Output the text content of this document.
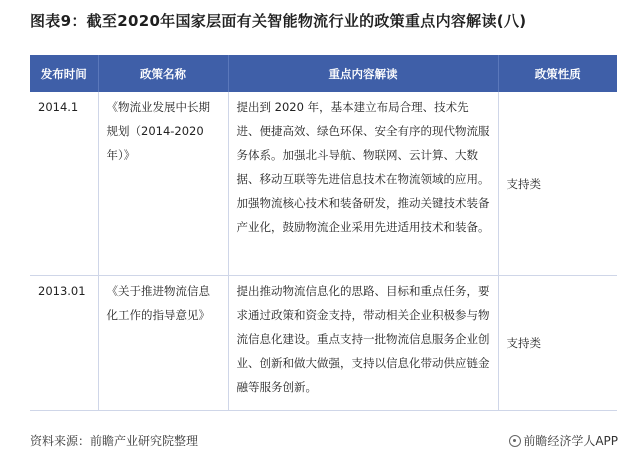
图表9：截至2020年国家层面有关智能物流行业的政策重点内容解读(八)
发布时间	政策名称	重点内容解读	政策性质
2014.1	《物流业发展中长期规划（2014-2020年）》	提出到 2020 年，基本建立布局合理、技术先进、便捷高效、绿色环保、安全有序的现代物流服务体系。加强北斗导航、物联网、云计算、大数据、移动互联等先进信息技术在物流领域的应用。加强物流核心技术和装备研发，推动关键技术装备产业化，鼓励物流企业采用先进适用技术和装备。	支持类
2013.01	《关于推进物流信息化工作的指导意见》	提出推动物流信息化的思路、目标和重点任务，要求通过政策和资金支持，带动相关企业积极参与物流信息化建设。重点支持一批物流信息服务企业创业、创新和做大做强，支持以信息化带动供应链金融等服务创新。	支持类
资料来源：前瞻产业研究院整理	前瞻经济学人APP
